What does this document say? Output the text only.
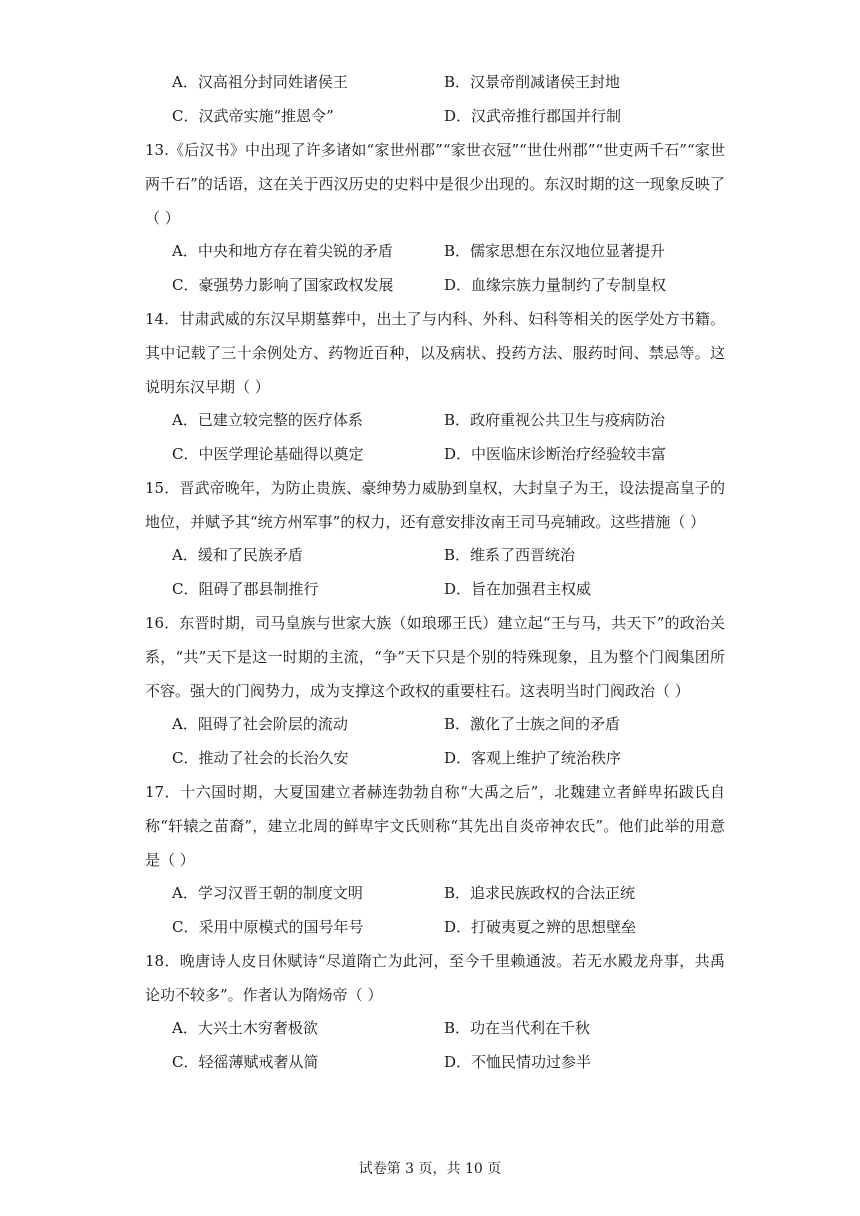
A．汉高祖分封同姓诸侯王	B．汉景帝削减诸侯王封地
C．汉武帝实施“推恩令”	D．汉武帝推行郡国并行制
13.《后汉书》中出现了许多诸如“家世州郡”“家世衣冠”“世仕州郡”“世吏两千石”“家世两千石”的话语，这在关于西汉历史的史料中是很少出现的。东汉时期的这一现象反映了（ ）
A．中央和地方存在着尖锐的矛盾	B．儒家思想在东汉地位显著提升
C．豪强势力影响了国家政权发展	D．血缘宗族力量制约了专制皇权
14．甘肃武威的东汉早期墓葬中，出土了与内科、外科、妇科等相关的医学处方书籍。其中记载了三十余例处方、药物近百种，以及病状、投药方法、服药时间、禁忌等。这说明东汉早期（ ）
A．已建立较完整的医疗体系	B．政府重视公共卫生与疫病防治
C．中医学理论基础得以奠定	D．中医临床诊断治疗经验较丰富
15．晋武帝晚年，为防止贵族、豪绅势力威胁到皇权，大封皇子为王，设法提高皇子的地位，并赋予其“统方州军事”的权力，还有意安排汝南王司马亮辅政。这些措施（ ）
A．缓和了民族矛盾	B．维系了西晋统治
C．阻碍了郡县制推行	D．旨在加强君主权威
16．东晋时期，司马皇族与世家大族（如琅琊王氏）建立起“王与马，共天下”的政治关系，“共”天下是这一时期的主流，“争”天下只是个别的特殊现象，且为整个门阀集团所不容。强大的门阀势力，成为支撑这个政权的重要柱石。这表明当时门阀政治（ ）
A．阻碍了社会阶层的流动	B．激化了士族之间的矛盾
C．推动了社会的长治久安	D．客观上维护了统治秩序
17．十六国时期，大夏国建立者赫连勃勃自称“大禹之后”，北魏建立者鲜卑拓跋氏自称“轩辕之苗裔”，建立北周的鲜卑宇文氏则称“其先出自炎帝神农氏”。他们此举的用意是（ ）
A．学习汉晋王朝的制度文明	B．追求民族政权的合法正统
C．采用中原模式的国号年号	D．打破夷夏之辨的思想壁垒
18．晚唐诗人皮日休赋诗“尽道隋亡为此河，至今千里赖通波。若无水殿龙舟事，共禹论功不较多”。作者认为隋炀帝（ ）
A．大兴土木穷奢极欲	B．功在当代利在千秋
C．轻徭薄赋戒奢从简	D．不恤民情功过参半
试卷第 3 页，共 10 页
